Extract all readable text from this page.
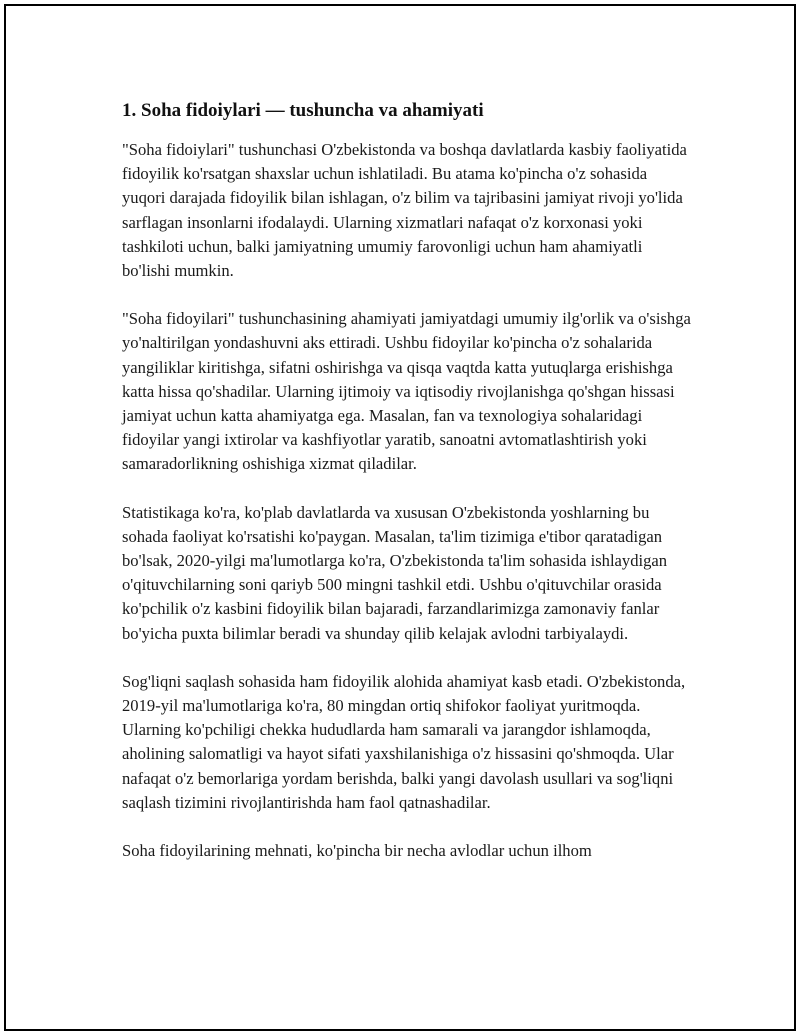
1. Soha fidoiylari — tushuncha va ahamiyati

"Soha fidoiylari" tushunchasi O'zbekistonda va boshqa davlatlarda kasbiy faoliyatida fidoyilik ko'rsatgan shaxslar uchun ishlatiladi. Bu atama ko'pincha o'z sohasida yuqori darajada fidoyilik bilan ishlagan, o'z bilim va tajribasini jamiyat rivoji yo'lida sarflagan insonlarni ifodalaydi. Ularning xizmatlari nafaqat o'z korxonasi yoki tashkiloti uchun, balki jamiyatning umumiy farovonligi uchun ham ahamiyatli bo'lishi mumkin.

"Soha fidoyilari" tushunchasining ahamiyati jamiyatdagi umumiy ilg'orlik va o'sishga yo'naltirilgan yondashuvni aks ettiradi. Ushbu fidoyilar ko'pincha o'z sohalarida yangiliklar kiritishga, sifatni oshirishga va qisqa vaqtda katta yutuqlarga erishishga katta hissa qo'shadilar. Ularning ijtimoiy va iqtisodiy rivojlanishga qo'shgan hissasi jamiyat uchun katta ahamiyatga ega. Masalan, fan va texnologiya sohalaridagi fidoyilar yangi ixtirolar va kashfiyotlar yaratib, sanoatni avtomatlashtirish yoki samaradorlikning oshishiga xizmat qiladilar.

Statistikaga ko'ra, ko'plab davlatlarda va xususan O'zbekistonda yoshlarning bu sohada faoliyat ko'rsatishi ko'paygan. Masalan, ta'lim tizimiga e'tibor qaratadigan bo'lsak, 2020-yilgi ma'lumotlarga ko'ra, O'zbekistonda ta'lim sohasida ishlaydigan o'qituvchilarning soni qariyb 500 mingni tashkil etdi. Ushbu o'qituvchilar orasida ko'pchilik o'z kasbini fidoyilik bilan bajaradi, farzandlarimizga zamonaviy fanlar bo'yicha puxta bilimlar beradi va shunday qilib kelajak avlodni tarbiyalaydi.

Sog'liqni saqlash sohasida ham fidoyilik alohida ahamiyat kasb etadi. O'zbekistonda, 2019-yil ma'lumotlariga ko'ra, 80 mingdan ortiq shifokor faoliyat yuritmoqda. Ularning ko'pchiligi chekka hududlarda ham samarali va jarangdor ishlamoqda, aholining salomatligi va hayot sifati yaxshilanishiga o'z hissasini qo'shmoqda. Ular nafaqat o'z bemorlariga yordam berishda, balki yangi davolash usullari va sog'liqni saqlash tizimini rivojlantirishda ham faol qatnashadilar.

Soha fidoyilarining mehnati, ko'pincha bir necha avlodlar uchun ilhom
